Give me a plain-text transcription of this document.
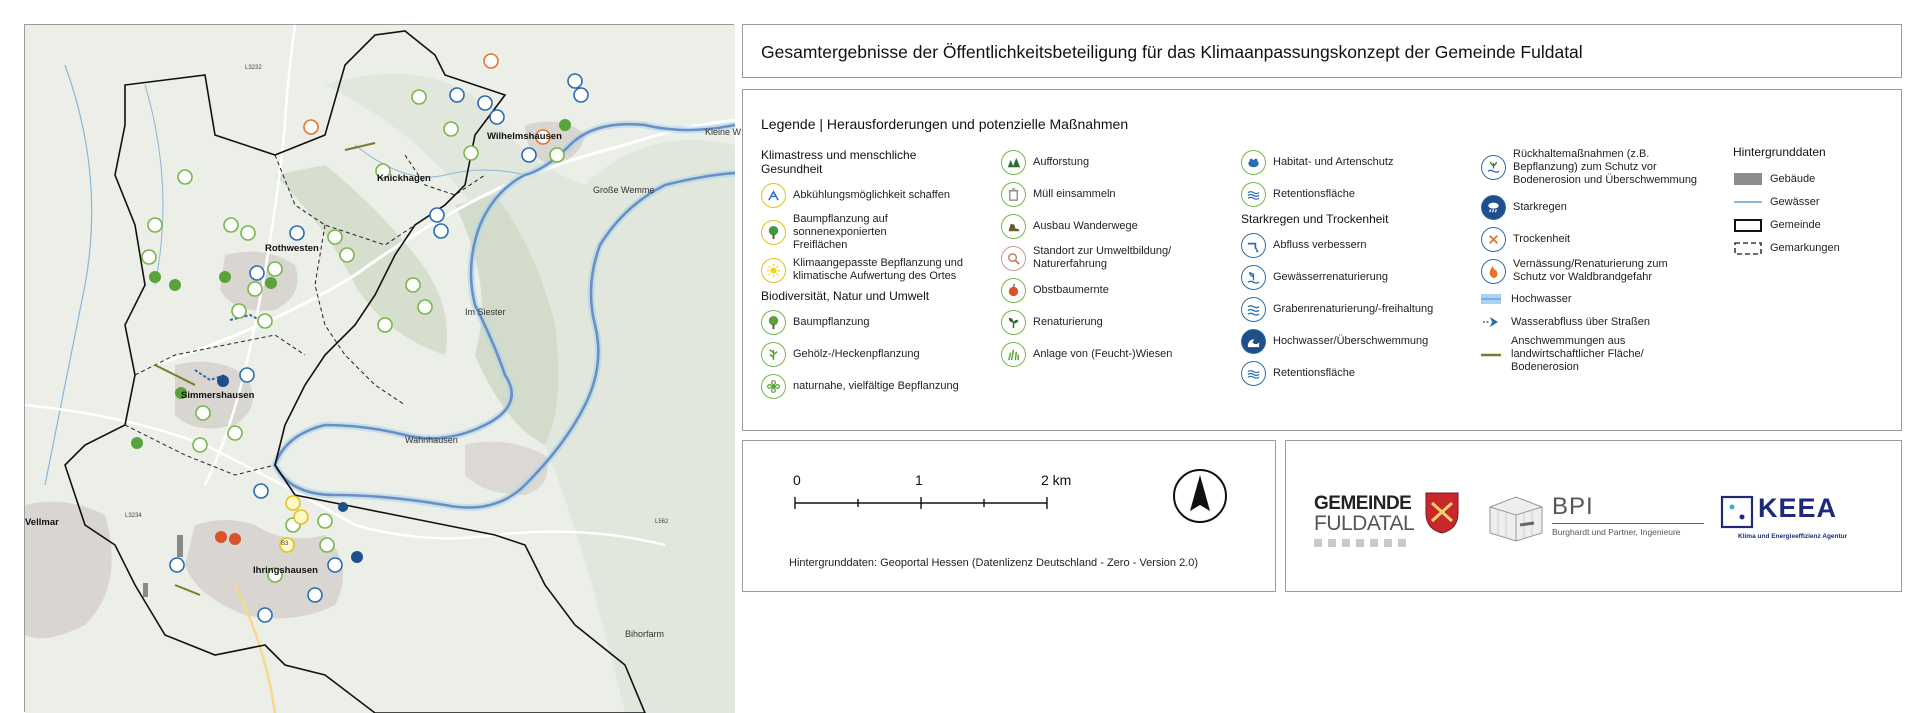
Wilhelmshausen
Knickhagen
Rothwesten
Simmershausen
Wahnhausen
Ihringshausen
Im Siester
Große Wemme
Kleine W
Bihorfarm
Vellmar
L3232
L3234
L562
B3
Gesamtergebnisse der Öffentlichkeitsbeteiligung für das Klimaanpassungskonzept der Gemeinde Fuldatal
Legende | Herausforderungen und potenzielle Maßnahmen
Klimastress und menschliche Gesundheit
Abkühlungsmöglichkeit schaffen
Baumpflanzung auf sonnenexponierten Freiflächen
Klimaangepasste Bepflanzung und klimatische Aufwertung des Ortes
Biodiversität, Natur und Umwelt
Baumpflanzung
Gehölz-/Heckenpflanzung
naturnahe, vielfältige Bepflanzung
Aufforstung
Müll einsammeln
Ausbau Wanderwege
Standort zur Umweltbildung/ Naturerfahrung
Obstbaumernte
Renaturierung
Anlage von (Feucht-)Wiesen
Habitat- und Artenschutz
Retentionsfläche
Starkregen und Trockenheit
Abfluss verbessern
Gewässerrenaturierung
Grabenrenaturierung/-freihaltung
Hochwasser/Überschwemmung
Retentionsfläche
Rückhaltemaßnahmen (z.B. Bepflanzung) zum Schutz vor Bodenerosion und Überschwemmung
Starkregen
Trockenheit
Vernässung/Renaturierung zum Schutz vor Waldbrandgefahr
Hochwasser
Wasserabfluss über Straßen
Anschwemmungen aus landwirtschaftlicher Fläche/ Bodenerosion
Hintergrunddaten
Gebäude
Gewässer
Gemeinde
Gemarkungen
0	1	2 km
Hintergrunddaten: Geoportal Hessen (Datenlizenz Deutschland - Zero - Version 2.0)
GEMEINDE
FULDATAL
BPI
Burghardt und Partner, Ingenieure
KEEA
Klima und Energieeffizienz Agentur
